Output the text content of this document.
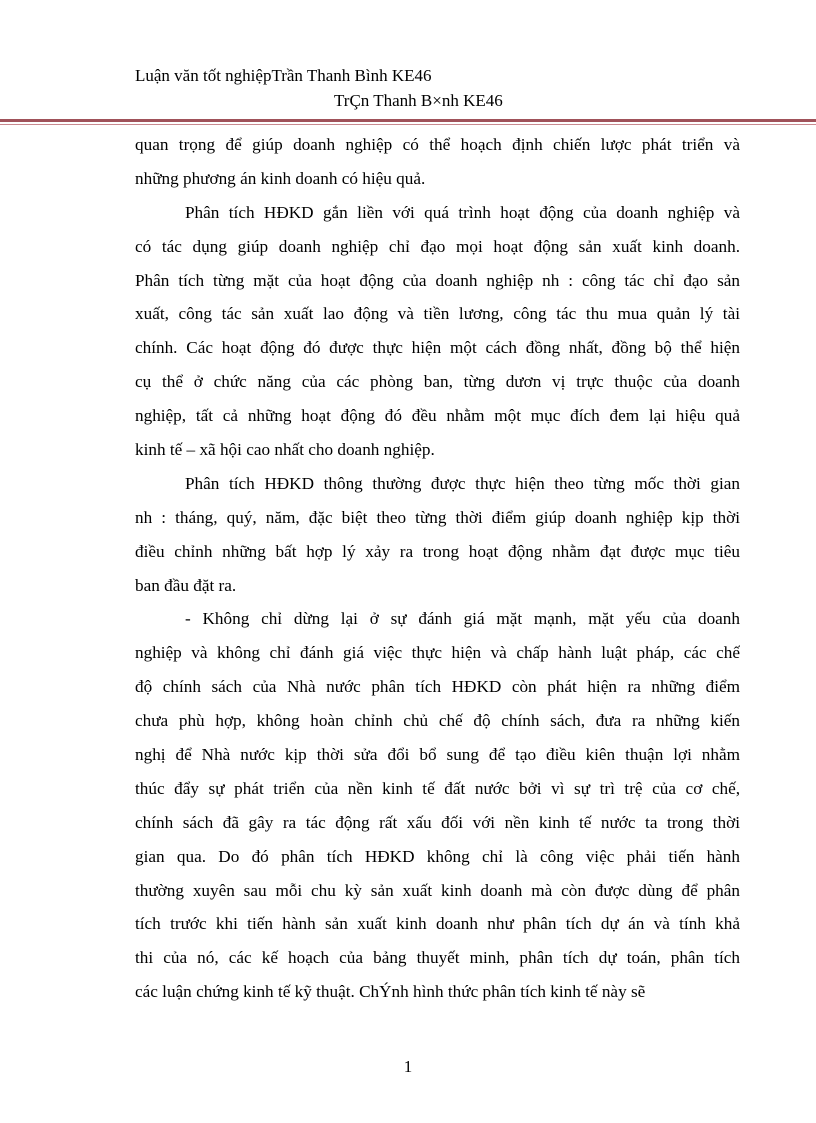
Luận văn tốt nghiệpTrần Thanh Bình KE46
TrÇn Thanh B×nh KE46
quan trọng để giúp doanh nghiệp có thể hoạch định chiến lược phát triển và
những phương án kinh doanh có hiệu quả.
Phân tích HĐKD gắn liền với quá trình hoạt động của doanh nghiệp và
có tác dụng giúp doanh nghiệp chỉ đạo mọi hoạt động sản xuất kinh doanh.
Phân tích từng mặt của hoạt động của doanh nghiệp nh : công tác chỉ đạo sản
xuất, công tác sản xuất lao động và tiền lương, công tác thu mua quản lý tài
chính. Các hoạt động đó được thực hiện một cách đồng nhất, đồng bộ thể hiện
cụ thể ở chức năng của các phòng ban, từng dươn vị trực thuộc của doanh
nghiệp, tất cả những hoạt động đó đều nhằm một mục đích đem lại hiệu quả
kinh tế – xã hội cao nhất cho doanh nghiệp.
Phân tích HĐKD thông thường được thực hiện theo từng mốc thời gian
nh : tháng, quý, năm, đặc biệt theo từng thời điểm giúp doanh nghiệp kịp thời
điều chỉnh những bất hợp lý xảy ra trong hoạt động nhằm đạt được mục tiêu
ban đầu đặt ra.
- Không chỉ dừng lại ở sự đánh giá mặt mạnh, mặt yếu của doanh
nghiệp và không chỉ đánh giá việc thực hiện và chấp hành luật pháp, các chế
độ chính sách của Nhà nước phân tích HĐKD còn phát hiện ra những điểm
chưa phù hợp, không hoàn chỉnh chủ chế độ chính sách, đưa ra những kiến
nghị để Nhà nước kịp thời sửa đổi bổ sung để tạo điều kiên thuận lợi nhằm
thúc đẩy sự phát triển của nền kinh tế đất nước bởi vì sự trì trệ của cơ chế,
chính sách đã gây ra tác động rất xấu đối với nền kinh tế nước ta trong thời
gian qua. Do đó phân tích HĐKD không chỉ là công việc phải tiến hành
thường xuyên sau mỗi chu kỳ sản xuất kinh doanh mà còn được dùng để phân
tích trước khi tiến hành sản xuất kinh doanh như phân tích dự án và tính khả
thi của nó, các kế hoạch của bảng thuyết minh, phân tích dự toán, phân tích
các luận chứng kinh tế kỹ thuật. ChÝnh hình thức phân tích kinh tế này sẽ
1
